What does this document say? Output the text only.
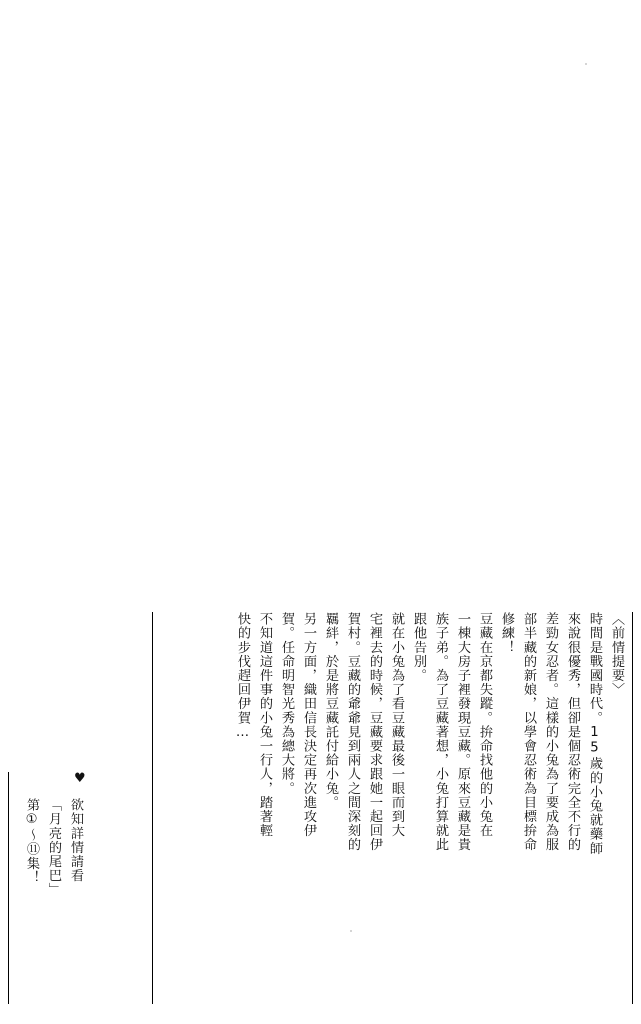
〈前情提要〉
時間是戰國時代。15歲的小兔就藥師
來說很優秀，但卻是個忍術完全不行的
差勁女忍者。這樣的小兔為了要成為服
部半藏的新娘，以學會忍術為目標拚命
修練！
豆藏在京都失蹤。拚命找他的小兔在
一棟大房子裡發現豆藏。原來豆藏是貴
族子弟。為了豆藏著想，小兔打算就此
跟他告別。
就在小兔為了看豆藏最後一眼而到大
宅裡去的時候，豆藏要求跟她一起回伊
賀村。豆藏的爺爺見到兩人之間深刻的
羈絆，於是將豆藏託付給小兔。
另一方面，織田信長決定再次進攻伊
賀。任命明智光秀為總大將。
不知道這件事的小兔一行人，踏著輕
快的步伐趕回伊賀…
♥
欲知詳情請看
「月亮的尾巴」
第①～⑪集！
